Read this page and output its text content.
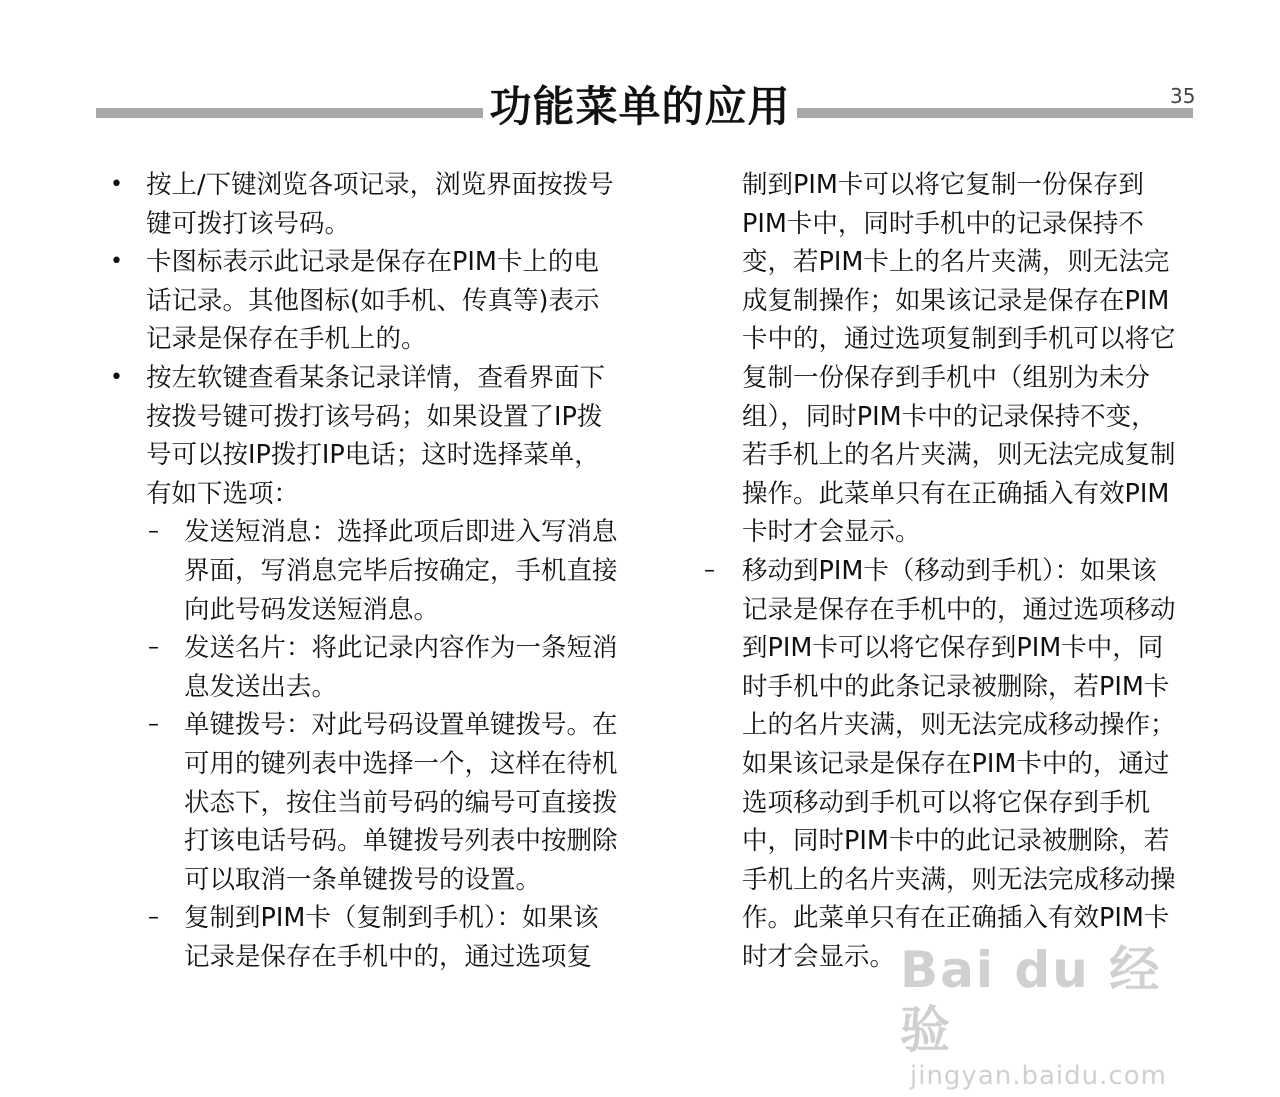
功能菜单的应用	35
• 按上/下键浏览各项记录，浏览界面按拨号键可拨打该号码。
• 卡图标表示此记录是保存在PIM卡上的电话记录。其他图标(如手机、传真等)表示记录是保存在手机上的。
• 按左软键查看某条记录详情，查看界面下按拨号键可拨打该号码；如果设置了IP拨号可以按IP拨打IP电话；这时选择菜单，有如下选项：
– 发送短消息：选择此项后即进入写消息界面，写消息完毕后按确定，手机直接向此号码发送短消息。
– 发送名片：将此记录内容作为一条短消息发送出去。
– 单键拨号：对此号码设置单键拨号。在可用的键列表中选择一个，这样在待机状态下，按住当前号码的编号可直接拨打该电话号码。单键拨号列表中按删除可以取消一条单键拨号的设置。
– 复制到PIM卡（复制到手机）：如果该记录是保存在手机中的，通过选项复
制到PIM卡可以将它复制一份保存到PIM卡中，同时手机中的记录保持不变，若PIM卡上的名片夹满，则无法完成复制操作；如果该记录是保存在PIM卡中的，通过选项复制到手机可以将它复制一份保存到手机中（组别为未分组），同时PIM卡中的记录保持不变，若手机上的名片夹满，则无法完成复制操作。此菜单只有在正确插入有效PIM卡时才会显示。
– 移动到PIM卡（移动到手机）：如果该记录是保存在手机中的，通过选项移动到PIM卡可以将它保存到PIM卡中，同时手机中的此条记录被删除，若PIM卡上的名片夹满，则无法完成移动操作；如果该记录是保存在PIM卡中的，通过选项移动到手机可以将它保存到手机中，同时PIM卡中的此记录被删除，若手机上的名片夹满，则无法完成移动操作。此菜单只有在正确插入有效PIM卡时才会显示。 Bai du 经验
jingyan.baidu.com
